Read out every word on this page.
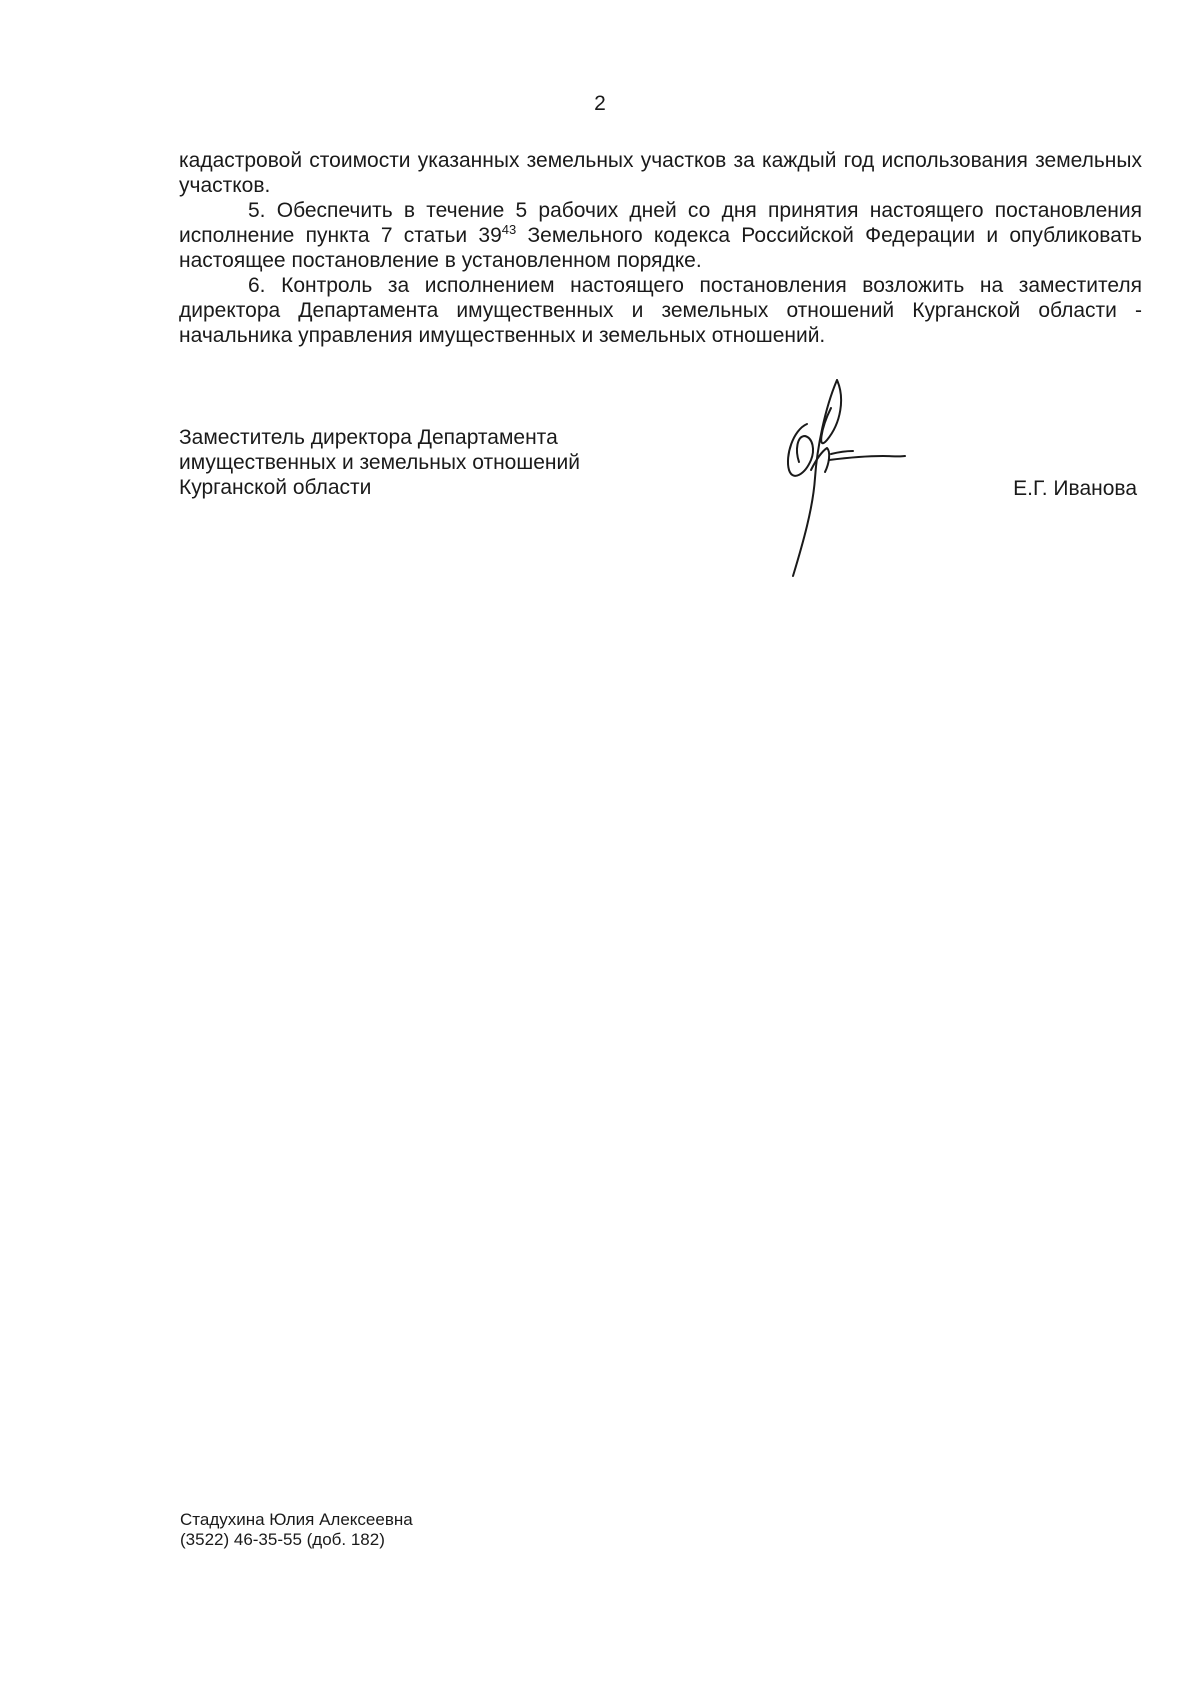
2

кадастровой стоимости указанных земельных участков за каждый год использования земельных участков.

5. Обеспечить в течение 5 рабочих дней со дня принятия настоящего постановления исполнение пункта 7 статьи $39^{43}$ Земельного кодекса Российской Федерации и опубликовать настоящее постановление в установленном порядке.

6. Контроль за исполнением настоящего постановления возложить на заместителя директора Департамента имущественных и земельных отношений Курганской области - начальника управления имущественных и земельных отношений.

Заместитель директора Департамента
имущественных и земельных отношений
Курганской области	Е.Г. Иванова
Стадухина Юлия Алексеевна
(3522) 46-35-55 (доб. 182)
